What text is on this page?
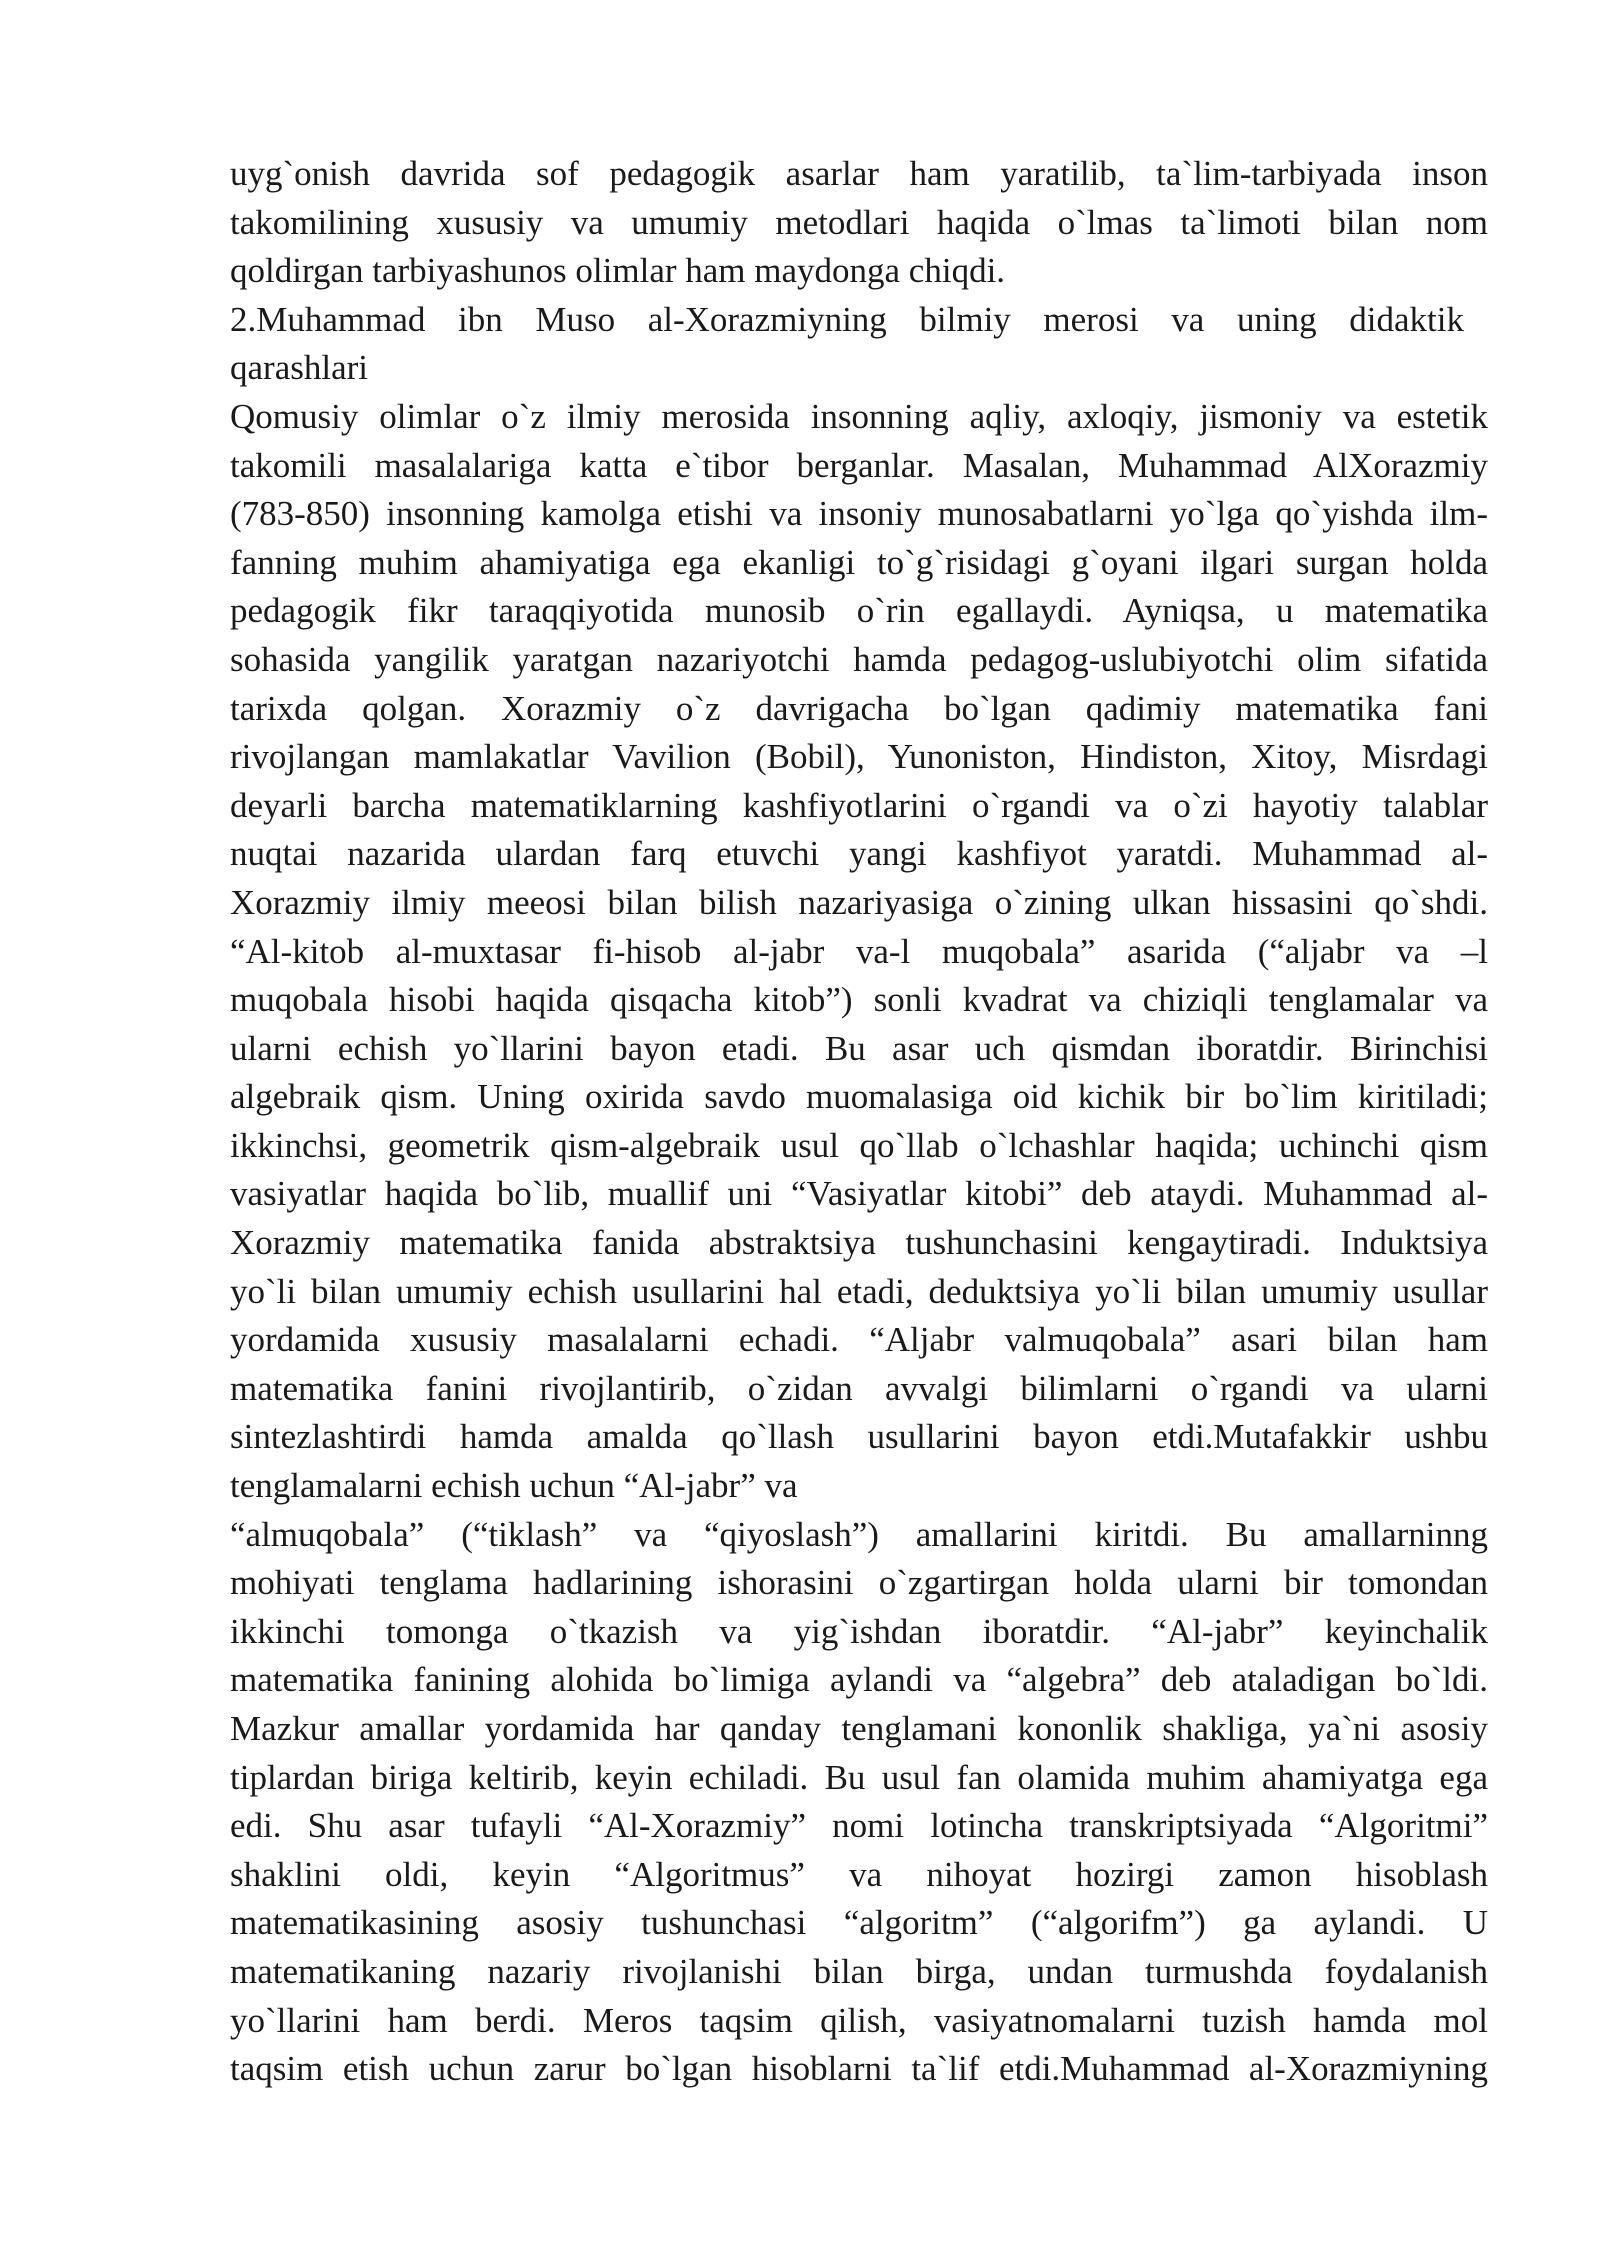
uyg`onish davrida sof pedagogik asarlar ham yaratilib, ta`lim-tarbiyada inson
takomilining xususiy va umumiy metodlari haqida o`lmas ta`limoti bilan nom
qoldirgan tarbiyashunos olimlar ham maydonga chiqdi.
2.Muhammad ibn Muso al-Xorazmiyning bilmiy merosi va uning didaktik
qarashlari
Qomusiy olimlar o`z ilmiy merosida insonning aqliy, axloqiy, jismoniy va estetik
takomili masalalariga katta e`tibor berganlar. Masalan, Muhammad AlXorazmiy
(783-850) insonning kamolga etishi va insoniy munosabatlarni yo`lga qo`yishda ilm-
fanning muhim ahamiyatiga ega ekanligi to`g`risidagi g`oyani ilgari surgan holda
pedagogik fikr taraqqiyotida munosib o`rin egallaydi. Ayniqsa, u matematika
sohasida yangilik yaratgan nazariyotchi hamda pedagog-uslubiyotchi olim sifatida
tarixda qolgan. Xorazmiy o`z davrigacha bo`lgan qadimiy matematika fani
rivojlangan mamlakatlar Vavilion (Bobil), Yunoniston, Hindiston, Xitoy, Misrdagi
deyarli barcha matematiklarning kashfiyotlarini o`rgandi va o`zi hayotiy talablar
nuqtai nazarida ulardan farq etuvchi yangi kashfiyot yaratdi. Muhammad al-
Xorazmiy ilmiy meeosi bilan bilish nazariyasiga o`zining ulkan hissasini qo`shdi.
“Al-kitob al-muxtasar fi-hisob al-jabr va-l muqobala” asarida (“aljabr va –l
muqobala hisobi haqida qisqacha kitob”) sonli kvadrat va chiziqli tenglamalar va
ularni echish yo`llarini bayon etadi. Bu asar uch qismdan iboratdir. Birinchisi
algebraik qism. Uning oxirida savdo muomalasiga oid kichik bir bo`lim kiritiladi;
ikkinchsi, geometrik qism-algebraik usul qo`llab o`lchashlar haqida; uchinchi qism
vasiyatlar haqida bo`lib, muallif uni “Vasiyatlar kitobi” deb ataydi. Muhammad al-
Xorazmiy matematika fanida abstraktsiya tushunchasini kengaytiradi. Induktsiya
yo`li bilan umumiy echish usullarini hal etadi, deduktsiya yo`li bilan umumiy usullar
yordamida xususiy masalalarni echadi. “Aljabr valmuqobala” asari bilan ham
matematika fanini rivojlantirib, o`zidan avvalgi bilimlarni o`rgandi va ularni
sintezlashtirdi hamda amalda qo`llash usullarini bayon etdi.Mutafakkir ushbu
tenglamalarni echish uchun “Al-jabr” va
“almuqobala” (“tiklash” va “qiyoslash”) amallarini kiritdi. Bu amallarninng
mohiyati tenglama hadlarining ishorasini o`zgartirgan holda ularni bir tomondan
ikkinchi tomonga o`tkazish va yig`ishdan iboratdir. “Al-jabr” keyinchalik
matematika fanining alohida bo`limiga aylandi va “algebra” deb ataladigan bo`ldi.
Mazkur amallar yordamida har qanday tenglamani kononlik shakliga, ya`ni asosiy
tiplardan biriga keltirib, keyin echiladi. Bu usul fan olamida muhim ahamiyatga ega
edi. Shu asar tufayli “Al-Xorazmiy” nomi lotincha transkriptsiyada “Algoritmi”
shaklini oldi, keyin “Algoritmus” va nihoyat hozirgi zamon hisoblash
matematikasining asosiy tushunchasi “algoritm” (“algorifm”) ga aylandi. U
matematikaning nazariy rivojlanishi bilan birga, undan turmushda foydalanish
yo`llarini ham berdi. Meros taqsim qilish, vasiyatnomalarni tuzish hamda mol
taqsim etish uchun zarur bo`lgan hisoblarni ta`lif etdi.Muhammad al-Xorazmiyning
